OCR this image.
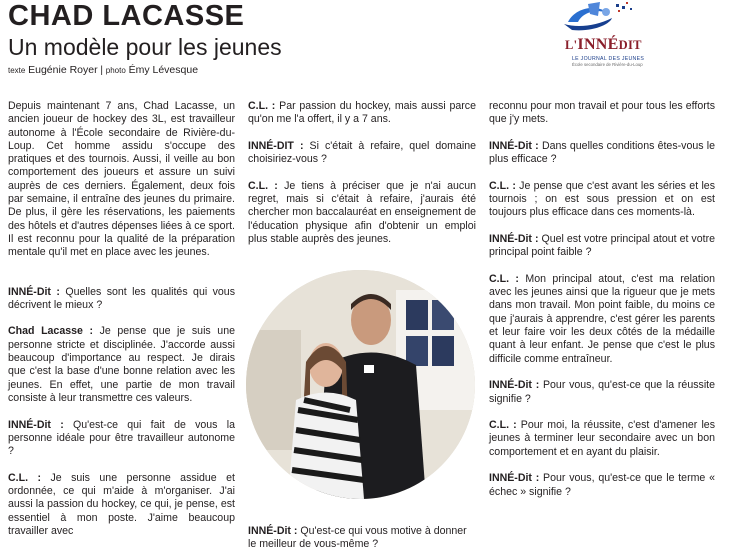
CHAD LACASSE
Un modèle pour les jeunes
texte Eugénie Royer | photo Émy Lévesque
L'INNÉDIT
LE JOURNAL DES JEUNES
École secondaire de Rivière-du-Loup

Depuis maintenant 7 ans, Chad Lacasse, un ancien joueur de hockey des 3L, est travailleur autonome à l'École secondaire de Rivière-du-Loup. Cet homme assidu s'occupe des pratiques et des tournois. Aussi, il veille au bon comportement des joueurs et assure un suivi auprès de ces derniers. Également, deux fois par semaine, il entraîne des jeunes du primaire. De plus, il gère les réservations, les paiements des hôtels et d'autres dépenses liées à ce sport. Il est reconnu pour la qualité de la préparation mentale qu'il met en place avec les jeunes.

INNÉ-Dit : Quelles sont les qualités qui vous décrivent le mieux ?

Chad Lacasse : Je pense que je suis une personne stricte et disciplinée. J'accorde aussi beaucoup d'importance au respect. Je dirais que c'est la base d'une bonne relation avec les jeunes. En effet, une partie de mon travail consiste à leur transmettre ces valeurs.

INNÉ-Dit : Qu'est-ce qui fait de vous la personne idéale pour être travailleur autonome ?

C.L. : Je suis une personne assidue et ordonnée, ce qui m'aide à m'organiser. J'ai aussi la passion du hockey, ce qui, je pense, est essentiel à mon poste. J'aime beaucoup travailler avec

C.L. : Par passion du hockey, mais aussi parce qu'on me l'a offert, il y a 7 ans.

INNÉ-DIT : Si c'était à refaire, quel domaine choisiriez-vous ?

C.L. : Je tiens à préciser que je n'ai aucun regret, mais si c'était à refaire, j'aurais été chercher mon baccalauréat en enseignement de l'éducation physique afin d'obtenir un emploi plus stable auprès des jeunes.

INNÉ-Dit : Qu'est-ce qui vous motive à donner le meilleur de vous-même ?

reconnu pour mon travail et pour tous les efforts que j'y mets.

INNÉ-Dit : Dans quelles conditions êtes-vous le plus efficace ?

C.L. : Je pense que c'est avant les séries et les tournois ; on est sous pression et on est toujours plus efficace dans ces moments-là.

INNÉ-Dit : Quel est votre principal atout et votre principal point faible ?

C.L. : Mon principal atout, c'est ma relation avec les jeunes ainsi que la rigueur que je mets dans mon travail. Mon point faible, du moins ce que j'aurais à apprendre, c'est gérer les parents et leur faire voir les deux côtés de la médaille quant à leur enfant. Je pense que c'est le plus difficile comme entraîneur.

INNÉ-Dit : Pour vous, qu'est-ce que la réussite signifie ?

C.L. : Pour moi, la réussite, c'est d'amener les jeunes à terminer leur secondaire avec un bon comportement et en ayant du plaisir.

INNÉ-Dit : Pour vous, qu'est-ce que le terme « échec » signifie ?
